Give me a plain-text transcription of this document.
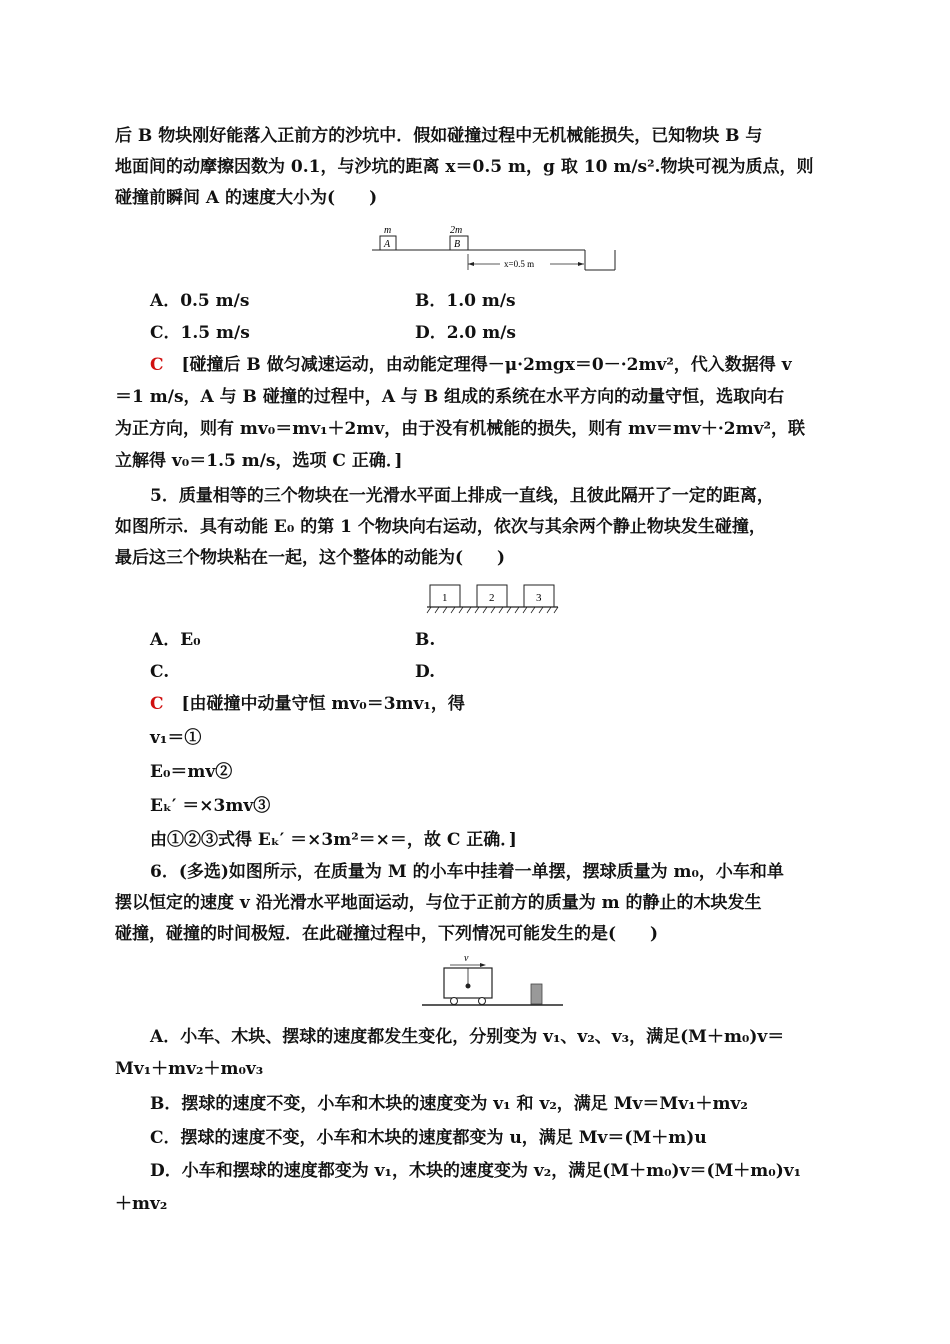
后 B 物块刚好能落入正前方的沙坑中．假如碰撞过程中无机械能损失，已知物块 B 与
地面间的动摩擦因数为 0.1，与沙坑的距离 x＝0.5 m，g 取 10 m/s².物块可视为质点，则
碰撞前瞬间 A 的速度大小为(　　)
m
A
2m
B
x=0.5 m
A．0.5 m/s	B．1.0 m/s
C．1.5 m/s	D．2.0 m/s
C [碰撞后 B 做匀减速运动，由动能定理得－μ·2mgx＝0－·2mv²，代入数据得 v
＝1 m/s，A 与 B 碰撞的过程中，A 与 B 组成的系统在水平方向的动量守恒，选取向右
为正方向，则有 mv₀＝mv₁＋2mv，由于没有机械能的损失，则有 mv＝mv＋·2mv²，联
立解得 v₀＝1.5 m/s，选项 C 正确．]
5．质量相等的三个物块在一光滑水平面上排成一直线，且彼此隔开了一定的距离，
如图所示．具有动能 E₀ 的第 1 个物块向右运动，依次与其余两个静止物块发生碰撞，
最后这三个物块粘在一起，这个整体的动能为(　　)
1	2	3
A．E₀	B.
C.	D.
C [由碰撞中动量守恒 mv₀＝3mv₁，得
v₁＝①
E₀＝mv②
Eₖ′ ＝×3mv③
由①②③式得 Eₖ′ ＝×3m²＝×＝，故 C 正确．]
6．(多选)如图所示，在质量为 M 的小车中挂着一单摆，摆球质量为 m₀，小车和单
摆以恒定的速度 v 沿光滑水平地面运动，与位于正前方的质量为 m 的静止的木块发生
碰撞，碰撞的时间极短．在此碰撞过程中，下列情况可能发生的是(　　)
v
A．小车、木块、摆球的速度都发生变化，分别变为 v₁、v₂、v₃，满足(M＋m₀)v＝
Mv₁＋mv₂＋m₀v₃
B．摆球的速度不变，小车和木块的速度变为 v₁ 和 v₂，满足 Mv＝Mv₁＋mv₂
C．摆球的速度不变，小车和木块的速度都变为 u，满足 Mv＝(M＋m)u
D．小车和摆球的速度都变为 v₁，木块的速度变为 v₂，满足(M＋m₀)v＝(M＋m₀)v₁
＋mv₂
